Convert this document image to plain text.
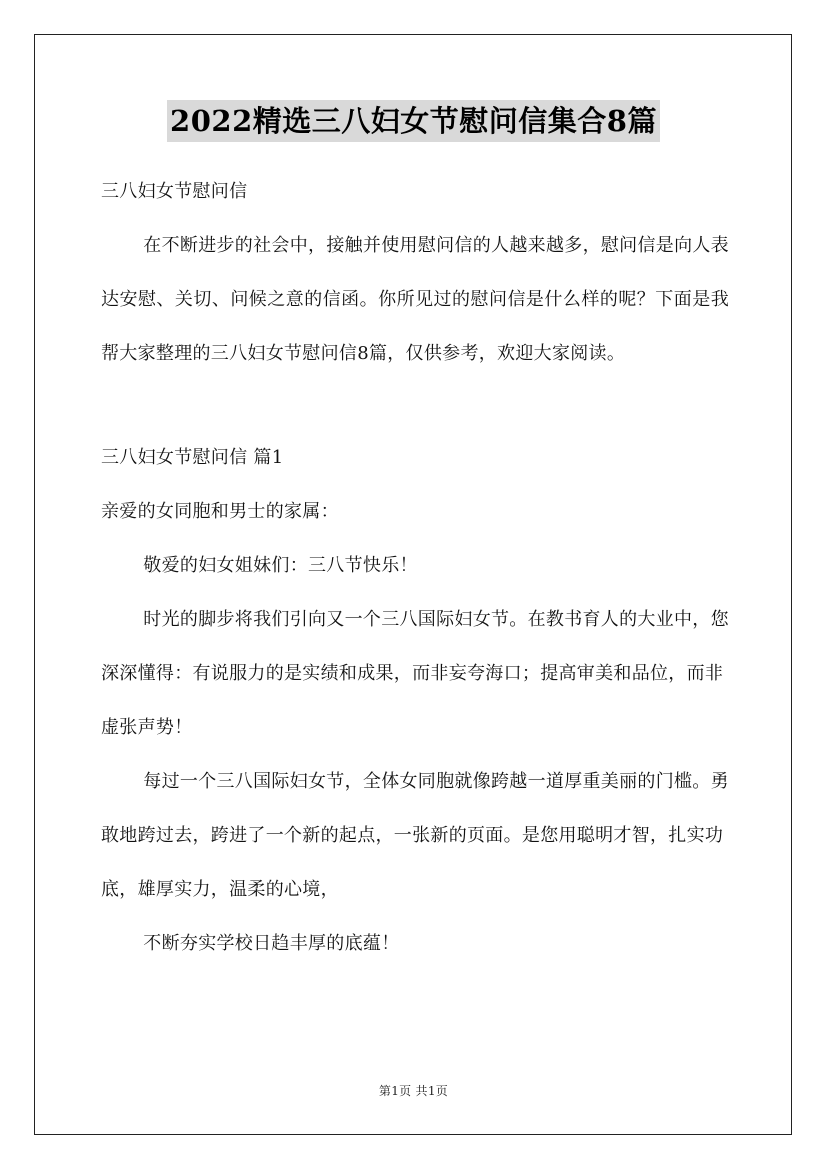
2022精选三八妇女节慰问信集合8篇

三八妇女节慰问信

在不断进步的社会中，接触并使用慰问信的人越来越多，慰问信是向人表达安慰、关切、问候之意的信函。你所见过的慰问信是什么样的呢？下面是我帮大家整理的三八妇女节慰问信8篇，仅供参考，欢迎大家阅读。

三八妇女节慰问信 篇1

亲爱的女同胞和男士的家属：

敬爱的妇女姐妹们：三八节快乐！

时光的脚步将我们引向又一个三八国际妇女节。在教书育人的大业中，您深深懂得：有说服力的是实绩和成果，而非妄夸海口；提高审美和品位，而非虚张声势！

每过一个三八国际妇女节，全体女同胞就像跨越一道厚重美丽的门槛。勇敢地跨过去，跨进了一个新的起点，一张新的页面。是您用聪明才智，扎实功底，雄厚实力，温柔的心境，

不断夯实学校日趋丰厚的底蕴！

第1页 共1页
